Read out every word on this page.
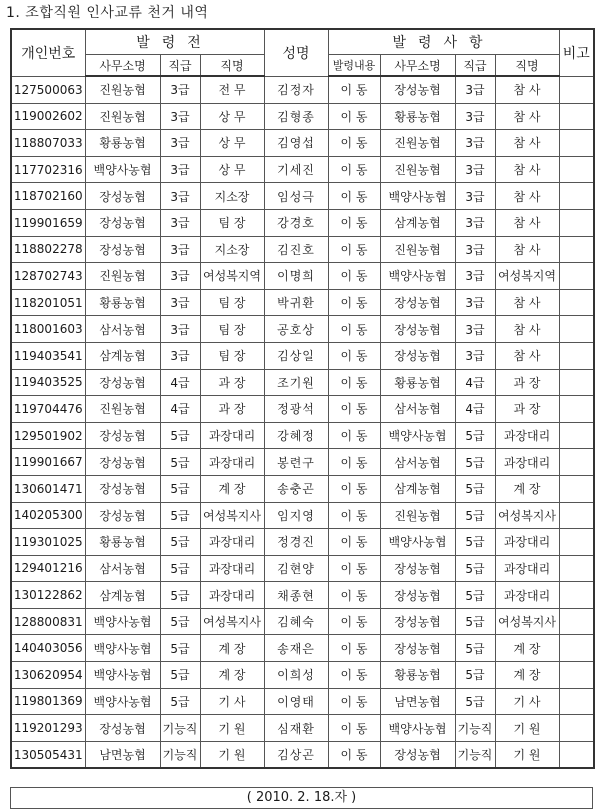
1. 조합직원 인사교류 천거 내역
개인번호	발령전			성명	발령사항				비고
	사무소명	직급	직명		발령내용	사무소명	직급	직명	
127500063	진원농협	3급	전 무	김정자	이 동	장성농협	3급	참 사	
119002602	진원농협	3급	상 무	김형종	이 동	황룡농협	3급	참 사	
118807033	황룡농협	3급	상 무	김영섭	이 동	진원농협	3급	참 사	
117702316	백양사농협	3급	상 무	기세진	이 동	진원농협	3급	참 사	
118702160	장성농협	3급	지소장	임성극	이 동	백양사농협	3급	참 사	
119901659	장성농협	3급	팀 장	강경호	이 동	삼계농협	3급	참 사	
118802278	장성농협	3급	지소장	김진호	이 동	진원농협	3급	참 사	
128702743	진원농협	3급	여성복지역	이명희	이 동	백양사농협	3급	여성복지역	
118201051	황룡농협	3급	팀 장	박귀환	이 동	장성농협	3급	참 사	
118001603	삼서농협	3급	팀 장	공호상	이 동	장성농협	3급	참 사	
119403541	삼계농협	3급	팀 장	김상일	이 동	장성농협	3급	참 사	
119403525	장성농협	4급	과 장	조기원	이 동	황룡농협	4급	과 장	
119704476	진원농협	4급	과 장	정광석	이 동	삼서농협	4급	과 장	
129501902	장성농협	5급	과장대리	강혜정	이 동	백양사농협	5급	과장대리	
119901667	장성농협	5급	과장대리	봉련구	이 동	삼서농협	5급	과장대리	
130601471	장성농협	5급	계 장	송충곤	이 동	삼계농협	5급	계 장	
140205300	장성농협	5급	여성복지사	임지영	이 동	진원농협	5급	여성복지사	
119301025	황룡농협	5급	과장대리	정경진	이 동	백양사농협	5급	과장대리	
129401216	삼서농협	5급	과장대리	김현양	이 동	장성농협	5급	과장대리	
130122862	삼계농협	5급	과장대리	채종현	이 동	장성농협	5급	과장대리	
128800831	백양사농협	5급	여성복지사	김혜숙	이 동	장성농협	5급	여성복지사	
140403056	백양사농협	5급	계 장	송재은	이 동	장성농협	5급	계 장	
130620954	백양사농협	5급	계 장	이희성	이 동	황룡농협	5급	계 장	
119801369	백양사농협	5급	기 사	이영태	이 동	남면농협	5급	기 사	
119201293	장성농협	기능직	기 원	심재환	이 동	백양사농협	기능직	기 원	
130505431	남면농협	기능직	기 원	김상곤	이 동	장성농협	기능직	기 원	
( 2010. 2. 18.자 )
